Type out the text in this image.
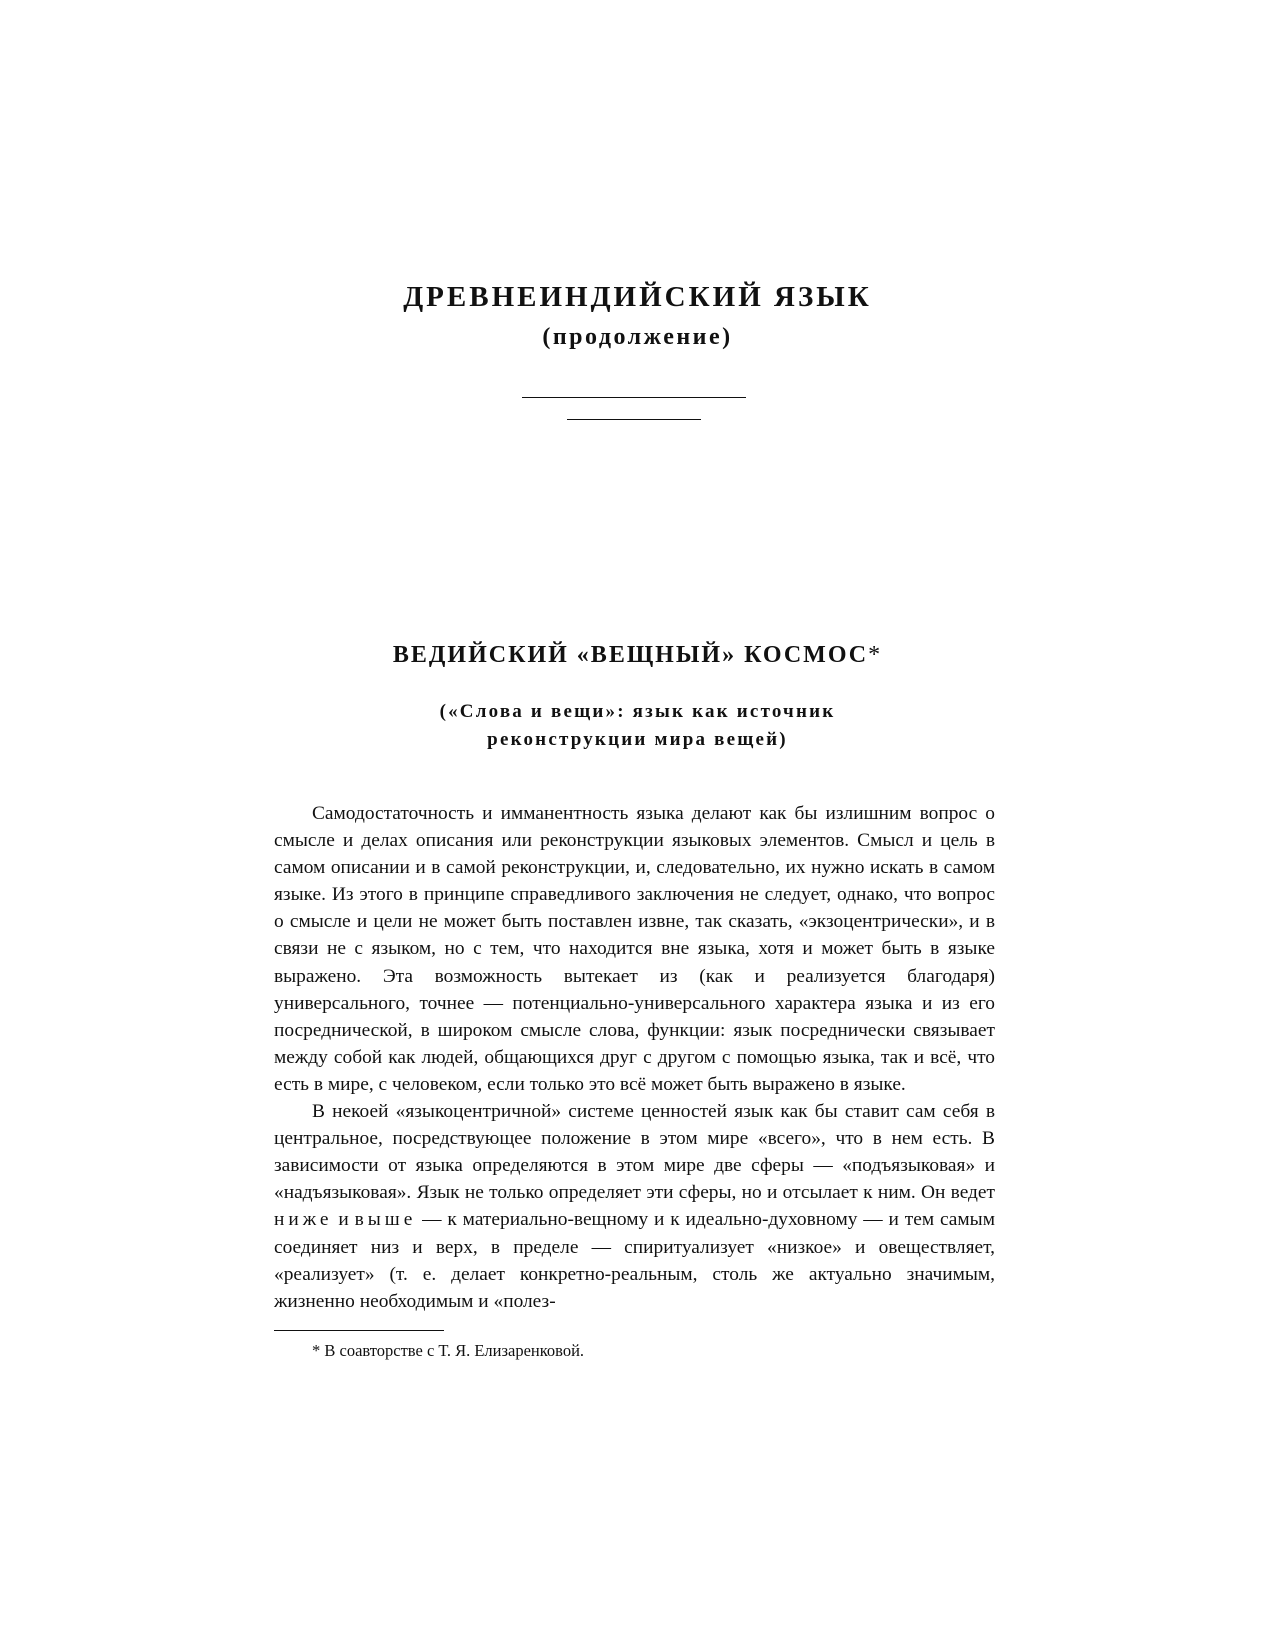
ДРЕВНЕИНДИЙСКИЙ ЯЗЫК
(продолжение)
ВЕДИЙСКИЙ «ВЕЩНЫЙ» КОСМОС*
(«Слова и вещи»: язык как источник
реконструкции мира вещей)

Самодостаточность и имманентность языка делают как бы излишним вопрос о смысле и делах описания или реконструкции языковых элементов. Смысл и цель в самом описании и в самой реконструкции, и, следовательно, их нужно искать в самом языке. Из этого в принципе справедливого заключения не следует, однако, что вопрос о смысле и цели не может быть поставлен извне, так сказать, «экзоцентрически», и в связи не с языком, но с тем, что находится вне языка, хотя и может быть в языке выражено. Эта возможность вытекает из (как и реализуется благодаря) универсального, точнее — потенциально-универсального характера языка и из его посреднической, в широком смысле слова, функции: язык посреднически связывает между собой как людей, общающихся друг с другом с помощью языка, так и всё, что есть в мире, с человеком, если только это всё может быть выражено в языке.

В некоей «языкоцентричной» системе ценностей язык как бы ставит сам себя в центральное, посредствующее положение в этом мире «всего», что в нем есть. В зависимости от языка определяются в этом мире две сферы — «подъязыковая» и «надъязыковая». Язык не только определяет эти сферы, но и отсылает к ним. Он ведет ниже и выше — к материально-вещному и к идеально-духовному — и тем самым соединяет низ и верх, в пределе — спиритуализует «низкое» и овеществляет, «реализует» (т. е. делает конкретно-реальным, столь же актуально значимым, жизненно необходимым и «полез-

* В соавторстве с Т. Я. Елизаренковой.
